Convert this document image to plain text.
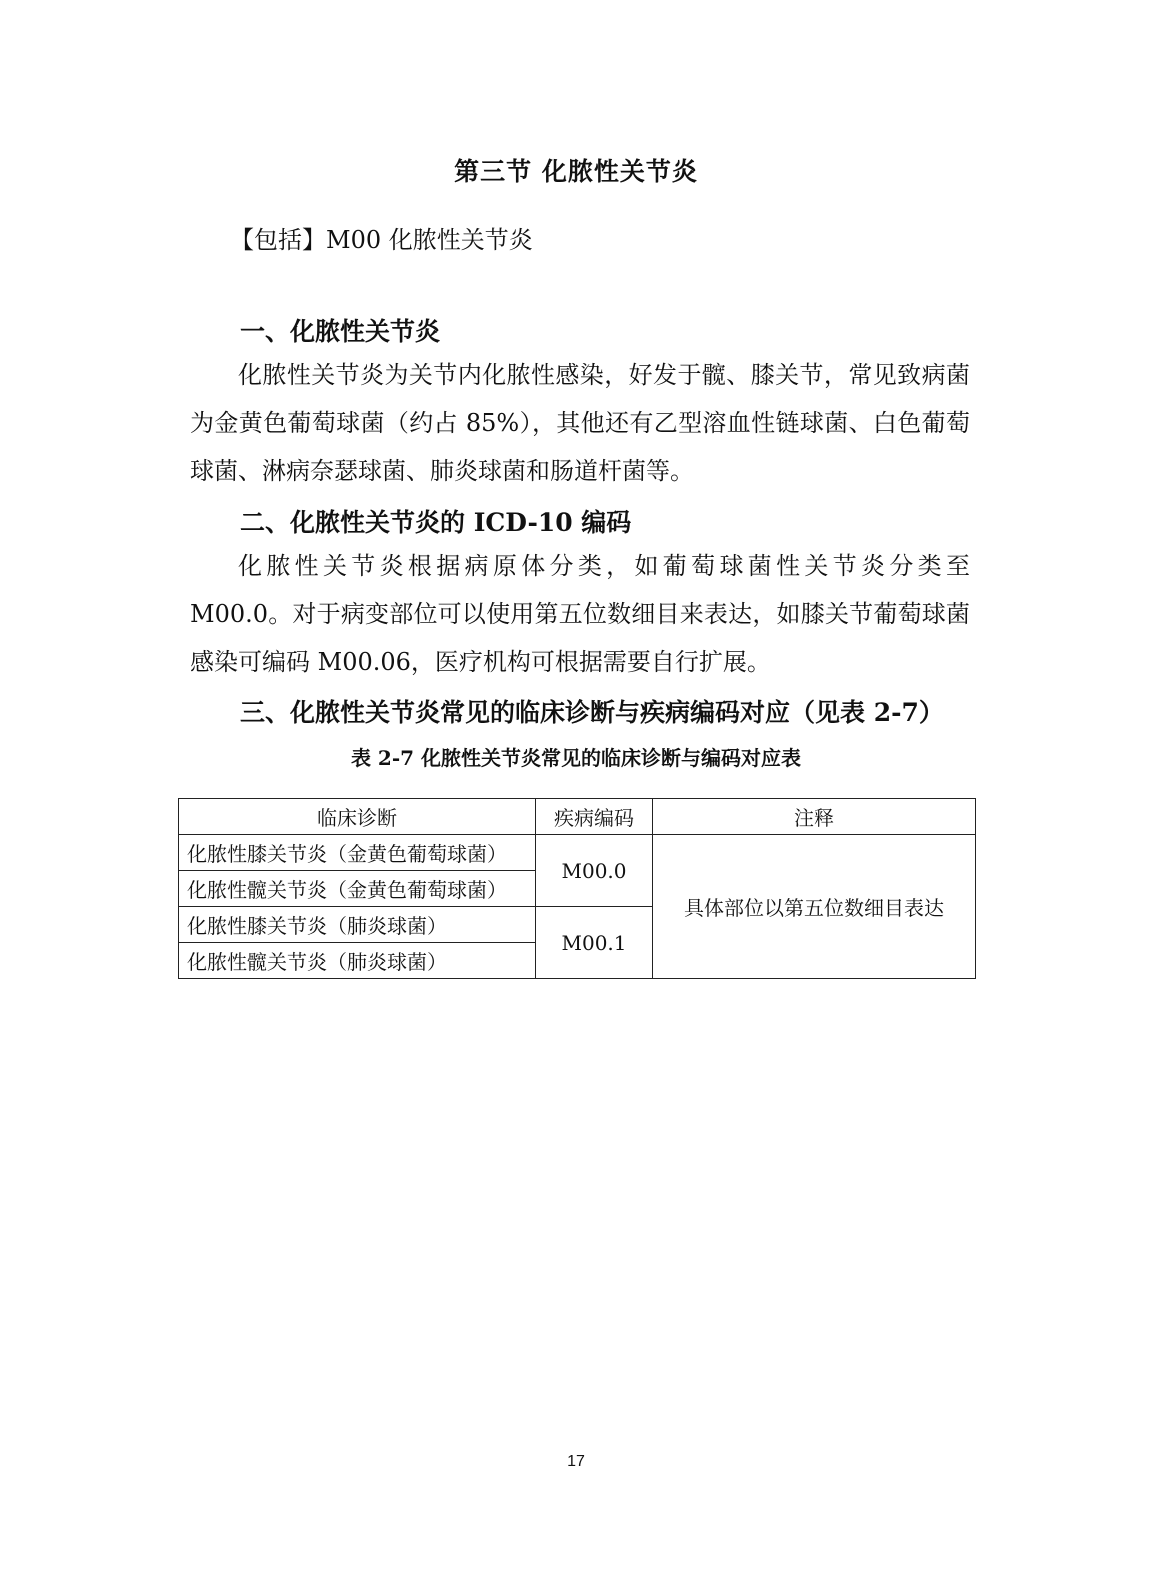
第三节 化脓性关节炎
【包括】M00 化脓性关节炎
一、化脓性关节炎
化脓性关节炎为关节内化脓性感染，好发于髋、膝关节，常见致病菌为金黄色葡萄球菌（约占 85%），其他还有乙型溶血性链球菌、白色葡萄球菌、淋病奈瑟球菌、肺炎球菌和肠道杆菌等。
二、化脓性关节炎的 ICD-10 编码
化脓性关节炎根据病原体分类，如葡萄球菌性关节炎分类至 M00.0。对于病变部位可以使用第五位数细目来表达，如膝关节葡萄球菌感染可编码 M00.06，医疗机构可根据需要自行扩展。
三、化脓性关节炎常见的临床诊断与疾病编码对应（见表 2-7）
表 2-7 化脓性关节炎常见的临床诊断与编码对应表
临床诊断	疾病编码	注释
化脓性膝关节炎（金黄色葡萄球菌）	M00.0	具体部位以第五位数细目表达
化脓性髋关节炎（金黄色葡萄球菌）		
化脓性膝关节炎（肺炎球菌）	M00.1	
化脓性髋关节炎（肺炎球菌）		
17
